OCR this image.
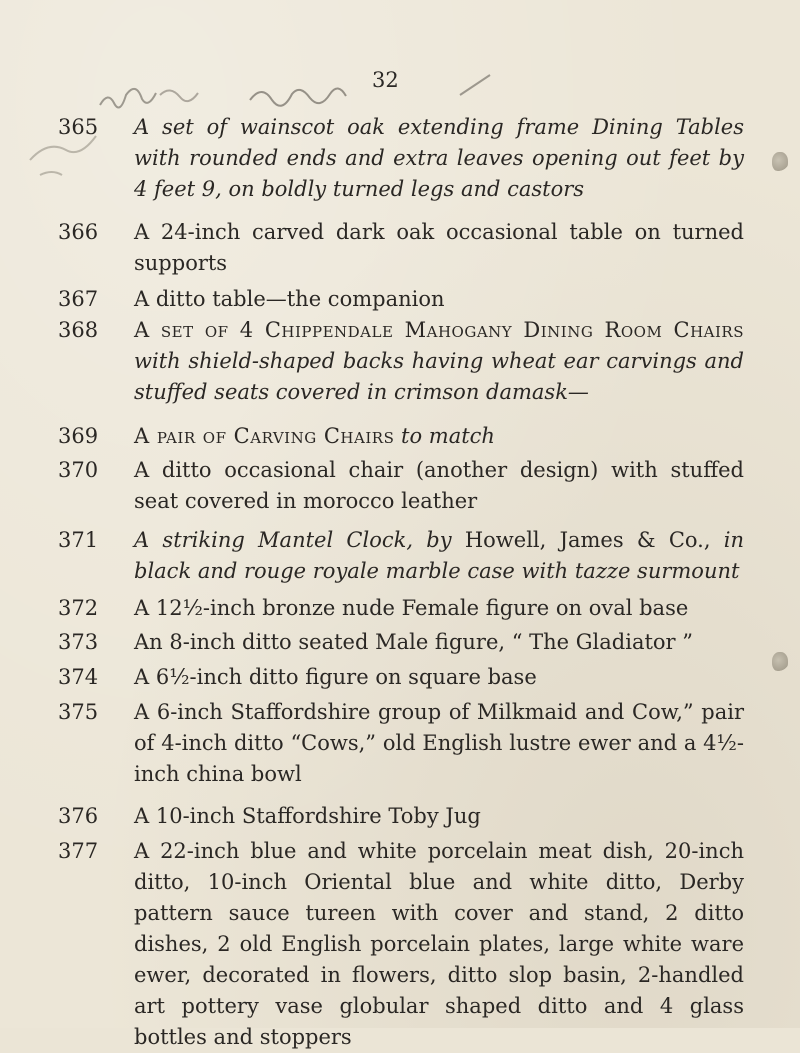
32
365	A set of wainscot oak extending frame Dining Tables with rounded ends and extra leaves opening out feet by 4 feet 9, on boldly turned legs and castors
366	A 24-inch carved dark oak occasional table on turned supports
367	A ditto table—the companion
368	A set of 4 Chippendale Mahogany Dining Room Chairs with shield-shaped backs having wheat ear carvings and stuffed seats covered in crimson damask—
369	A pair of Carving Chairs to match
370	A ditto occasional chair (another design) with stuffed seat covered in morocco leather
371	A striking Mantel Clock, by Howell, James & Co., in black and rouge royale marble case with tazze surmount
372	A 12½-inch bronze nude Female figure on oval base
373	An 8-inch ditto seated Male figure, “ The Gladiator ”
374	A 6½-inch ditto figure on square base
375	A 6-inch Staffordshire group of Milkmaid and Cow,” pair of 4-inch ditto “Cows,” old English lustre ewer and a 4½-inch china bowl
376	A 10-inch Staffordshire Toby Jug
377	A 22-inch blue and white porcelain meat dish, 20-inch ditto, 10-inch Oriental blue and white ditto, Derby pattern sauce tureen with cover and stand, 2 ditto dishes, 2 old English porcelain plates, large white ware ewer, decorated in flowers, ditto slop basin, 2-handled art pottery vase globular shaped ditto and 4 glass bottles and stoppers
